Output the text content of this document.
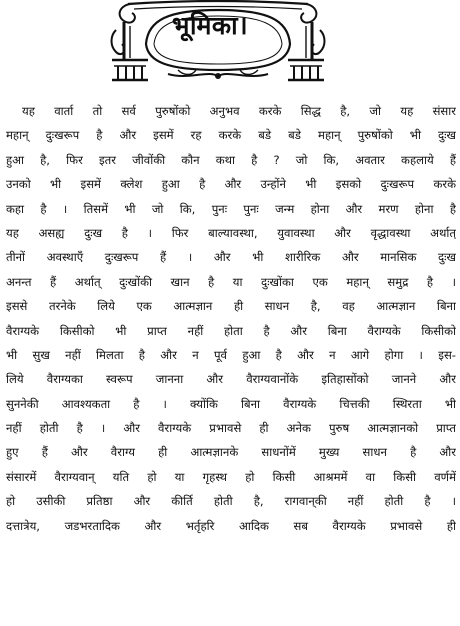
भूमिका।
यह वार्ता तो सर्व पुरुषोंको अनुभव करके सिद्ध है, जो यह संसार
महान् दुःखरूप है और इसमें रह करके बडे बडे महान् पुरुषोंको भी दुःख
हुआ है, फिर इतर जीवोंकी कौन कथा है ? जो कि, अवतार कहलाये हैं
उनको भी इसमें क्लेश हुआ है और उन्होंने भी इसको दुःखरूप करके
कहा है । तिसमें भी जो कि, पुनः पुनः जन्म होना और मरण होना है
यह असह्य दुःख है । फिर बाल्यावस्था, युवावस्था और वृद्धावस्था अर्थात्
तीनों अवस्थाएँ दुःखरूप हैं । और भी शारीरिक और मानसिक दुःख
अनन्त हैं अर्थात् दुःखोंकी खान है या दुःखोंका एक महान् समुद्र है ।
इससे तरनेके लिये एक आत्मज्ञान ही साधन है, वह आत्मज्ञान बिना
वैराग्यके किसीको भी प्राप्त नहीं होता है और बिना वैराग्यके किसीको
भी सुख नहीं मिलता है और न पूर्व हुआ है और न आगे होगा । इस-
लिये वैराग्यका स्वरूप जानना और वैराग्यवानोंके इतिहासोंको जानने और
सुननेकी आवश्यकता है । क्योंकि बिना वैराग्यके चित्तकी स्थिरता भी
नहीं होती है । और वैराग्यके प्रभावसे ही अनेक पुरुष आत्मज्ञानको प्राप्त
हुए हैं और वैराग्य ही आत्मज्ञानके साधनोंमें मुख्य साधन है और
संसारमें वैराग्यवान् यति हो या गृहस्थ हो किसी आश्रममें वा किसी वर्णमें
हो उसीकी प्रतिष्ठा और कीर्ति होती है, रागवान्‌की नहीं होती है ।
दत्तात्रेय, जडभरतादिक और भर्तृहरि आदिक सब वैराग्यके प्रभावसे ही
